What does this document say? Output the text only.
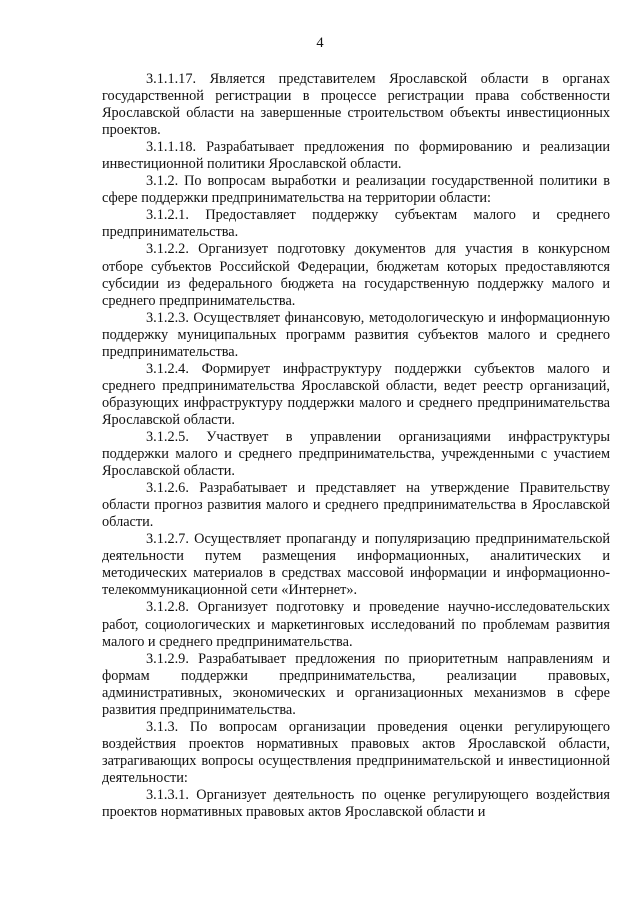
4

3.1.1.17. Является представителем Ярославской области в органах государственной регистрации в процессе регистрации права собственности Ярославской области на завершенные строительством объекты инвестиционных проектов.

3.1.1.18. Разрабатывает предложения по формированию и реализации инвестиционной политики Ярославской области.

3.1.2. По вопросам выработки и реализации государственной политики в сфере поддержки предпринимательства на территории области:

3.1.2.1. Предоставляет поддержку субъектам малого и среднего предпринимательства.

3.1.2.2. Организует подготовку документов для участия в конкурсном отборе субъектов Российской Федерации, бюджетам которых предоставляются субсидии из федерального бюджета на государственную поддержку малого и среднего предпринимательства.

3.1.2.3. Осуществляет финансовую, методологическую и информационную поддержку муниципальных программ развития субъектов малого и среднего предпринимательства.

3.1.2.4. Формирует инфраструктуру поддержки субъектов малого и среднего предпринимательства Ярославской области, ведет реестр организаций, образующих инфраструктуру поддержки малого и среднего предпринимательства Ярославской области.

3.1.2.5. Участвует в управлении организациями инфраструктуры поддержки малого и среднего предпринимательства, учрежденными с участием Ярославской области.

3.1.2.6. Разрабатывает и представляет на утверждение Правительству области прогноз развития малого и среднего предпринимательства в Ярославской области.

3.1.2.7. Осуществляет пропаганду и популяризацию предпринимательской деятельности путем размещения информационных, аналитических и методических материалов в средствах массовой информации и информационно-телекоммуникационной сети «Интернет».

3.1.2.8. Организует подготовку и проведение научно-исследовательских работ, социологических и маркетинговых исследований по проблемам развития малого и среднего предпринимательства.

3.1.2.9. Разрабатывает предложения по приоритетным направлениям и формам поддержки предпринимательства, реализации правовых, административных, экономических и организационных механизмов в сфере развития предпринимательства.

3.1.3. По вопросам организации проведения оценки регулирующего воздействия проектов нормативных правовых актов Ярославской области, затрагивающих вопросы осуществления предпринимательской и инвестиционной деятельности:

3.1.3.1. Организует деятельность по оценке регулирующего воздействия проектов нормативных правовых актов Ярославской области и
